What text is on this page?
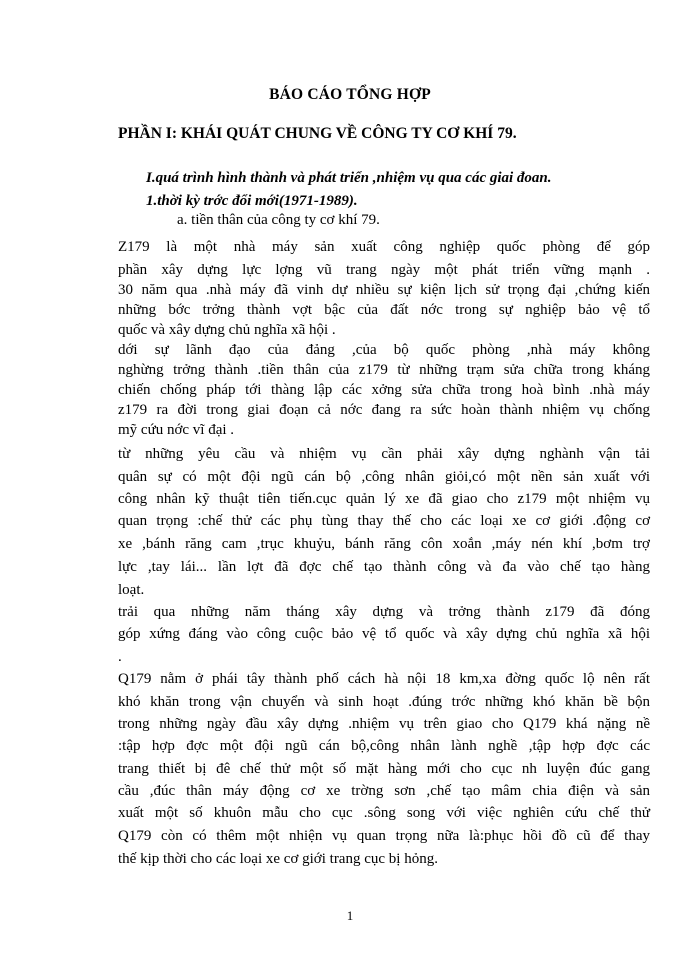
BÁO CÁO TỔNG HỢP
PHẦN I: KHÁI QUÁT CHUNG VỀ CÔNG TY CƠ KHÍ 79.
I.quá trình hình thành và phát triển ,nhiệm vụ qua các giai đoan.
1.thời kỳ trớc đổi mới(1971-1989).
a. tiền thân của công ty cơ khí 79.
Z179 là một nhà máy sản xuất công nghiệp quốc phòng để góp
phần xây dựng lực lợng vũ trang ngày một phát triển vững mạnh .
30 năm qua .nhà máy đã vinh dự nhiều sự kiện lịch sử trọng đại ,chứng kiến
những bớc trởng thành vợt bậc của đất nớc trong sự nghiệp bảo vệ tổ
quốc và xây dựng chủ nghĩa xã hội .
dới sự lãnh đạo của đảng ,của bộ quốc phòng ,nhà máy không
nghừng trởng thành .tiền thân của z179 từ những trạm sửa chữa trong kháng
chiến chống pháp tới thàng lập các xởng sửa chữa trong hoà bình .nhà máy
z179 ra đời trong giai đoạn cả nớc đang ra sức hoàn thành nhiệm vụ chống
mỹ cứu nớc vĩ đại .
từ những yêu cầu và nhiệm vụ cần phải xây dựng nghành vận tải
quân sự có một đội ngũ cán bộ ,công nhân giỏi,có một nền sản xuất với
công nhân kỹ thuật tiên tiến.cục quản lý xe đã giao cho z179 một nhiệm vụ
quan trọng :chế thử các phụ tùng thay thế cho các loại xe cơ giới .động cơ
xe ,bánh răng cam ,trục khuỷu, bánh răng côn xoắn ,máy nén khí ,bơm trợ
lực ,tay lái... lần lợt đã đợc chế tạo thành công và đa vào chế tạo hàng
loạt.
trải qua những năm tháng xây dựng và trởng thành z179 đã đóng
góp xứng đáng vào công cuộc bảo vệ tổ quốc và xây dựng chủ nghĩa xã hội
.
Q179 nằm ở phái tây thành phố cách hà nội 18 km,xa đờng quốc lộ nên rất
khó khăn trong vận chuyển và sinh hoạt .đúng trớc những khó khăn bề bộn
trong những ngày đầu xây dựng .nhiệm vụ trên giao cho Q179 khá nặng nề
:tập hợp đợc một đội ngũ cán bộ,công nhân lành nghề ,tập hợp đợc các
trang thiết bị đê chế thử một số mặt hàng mới cho cục nh luyện đúc gang
cầu ,đúc thân máy động cơ xe trờng sơn ,chế tạo mâm chia điện và sản
xuất một số khuôn mẫu cho cục .sông song với việc nghiên cứu chế thử
Q179 còn có thêm một nhiện vụ quan trọng nữa là:phục hồi đồ cũ để thay
thế kịp thời cho các loại xe cơ giới trang cục bị hỏng.
1
